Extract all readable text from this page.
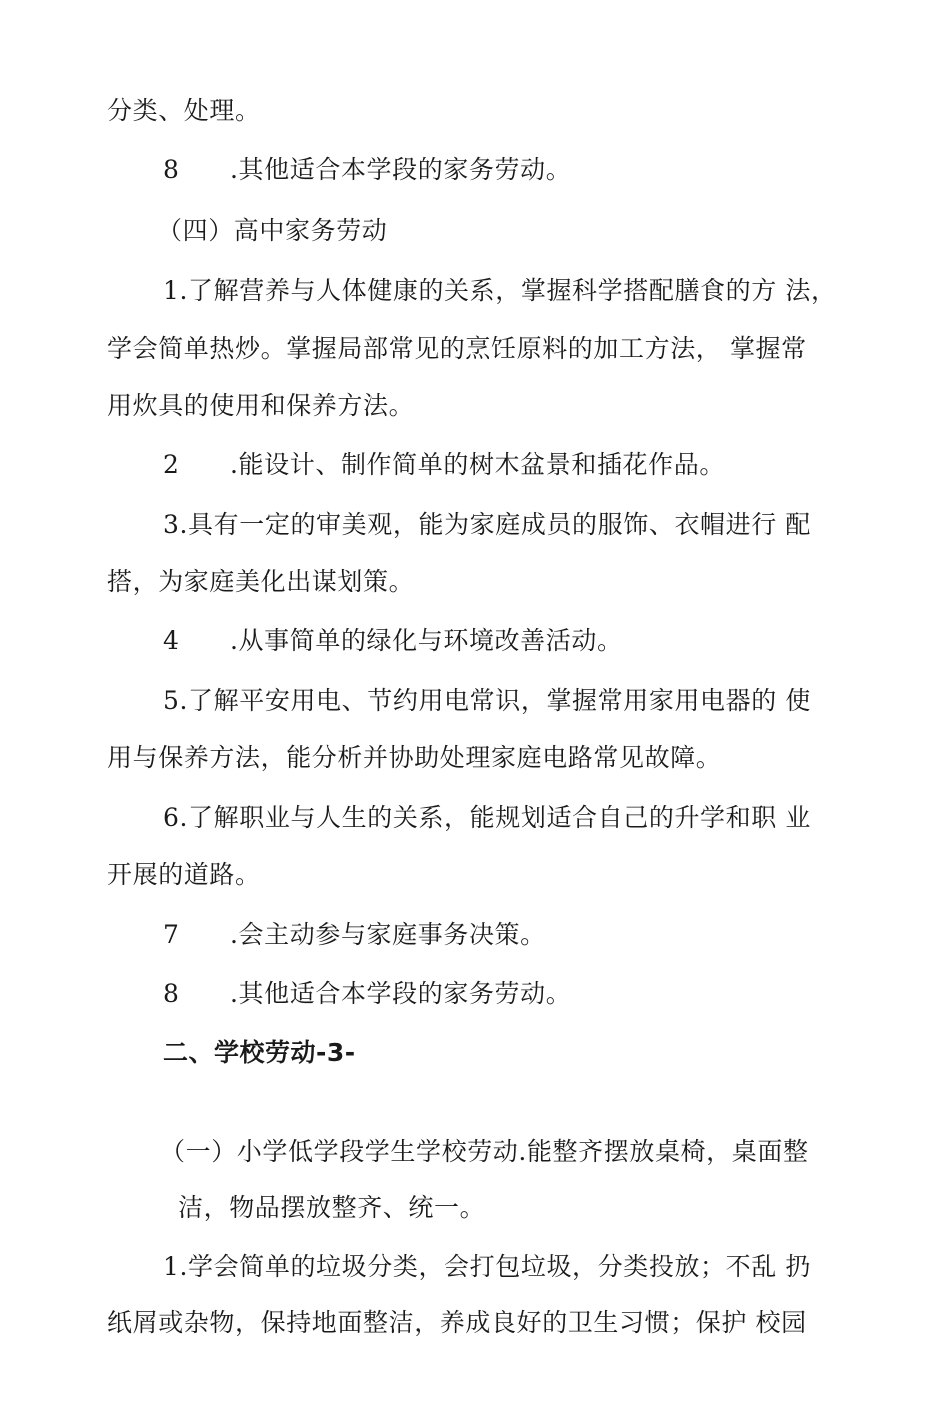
分类、处理。
8 .其他适合本学段的家务劳动。
（四）高中家务劳动
1.了解营养与人体健康的关系，掌握科学搭配膳食的方 法，
学会简单热炒。掌握局部常见的烹饪原料的加工方法， 掌握常
用炊具的使用和保养方法。
2 .能设计、制作简单的树木盆景和插花作品。
3.具有一定的审美观，能为家庭成员的服饰、衣帽进行 配
搭，为家庭美化出谋划策。
4 .从事简单的绿化与环境改善活动。
5.了解平安用电、节约用电常识，掌握常用家用电器的 使
用与保养方法，能分析并协助处理家庭电路常见故障。
6.了解职业与人生的关系，能规划适合自己的升学和职 业
开展的道路。
7 .会主动参与家庭事务决策。
8 .其他适合本学段的家务劳动。
二、学校劳动-3-
（一）小学低学段学生学校劳动.能整齐摆放桌椅，桌面整
洁，物品摆放整齐、统一。
1.学会简单的垃圾分类，会打包垃圾，分类投放；不乱 扔
纸屑或杂物，保持地面整洁，养成良好的卫生习惯；保护 校园
